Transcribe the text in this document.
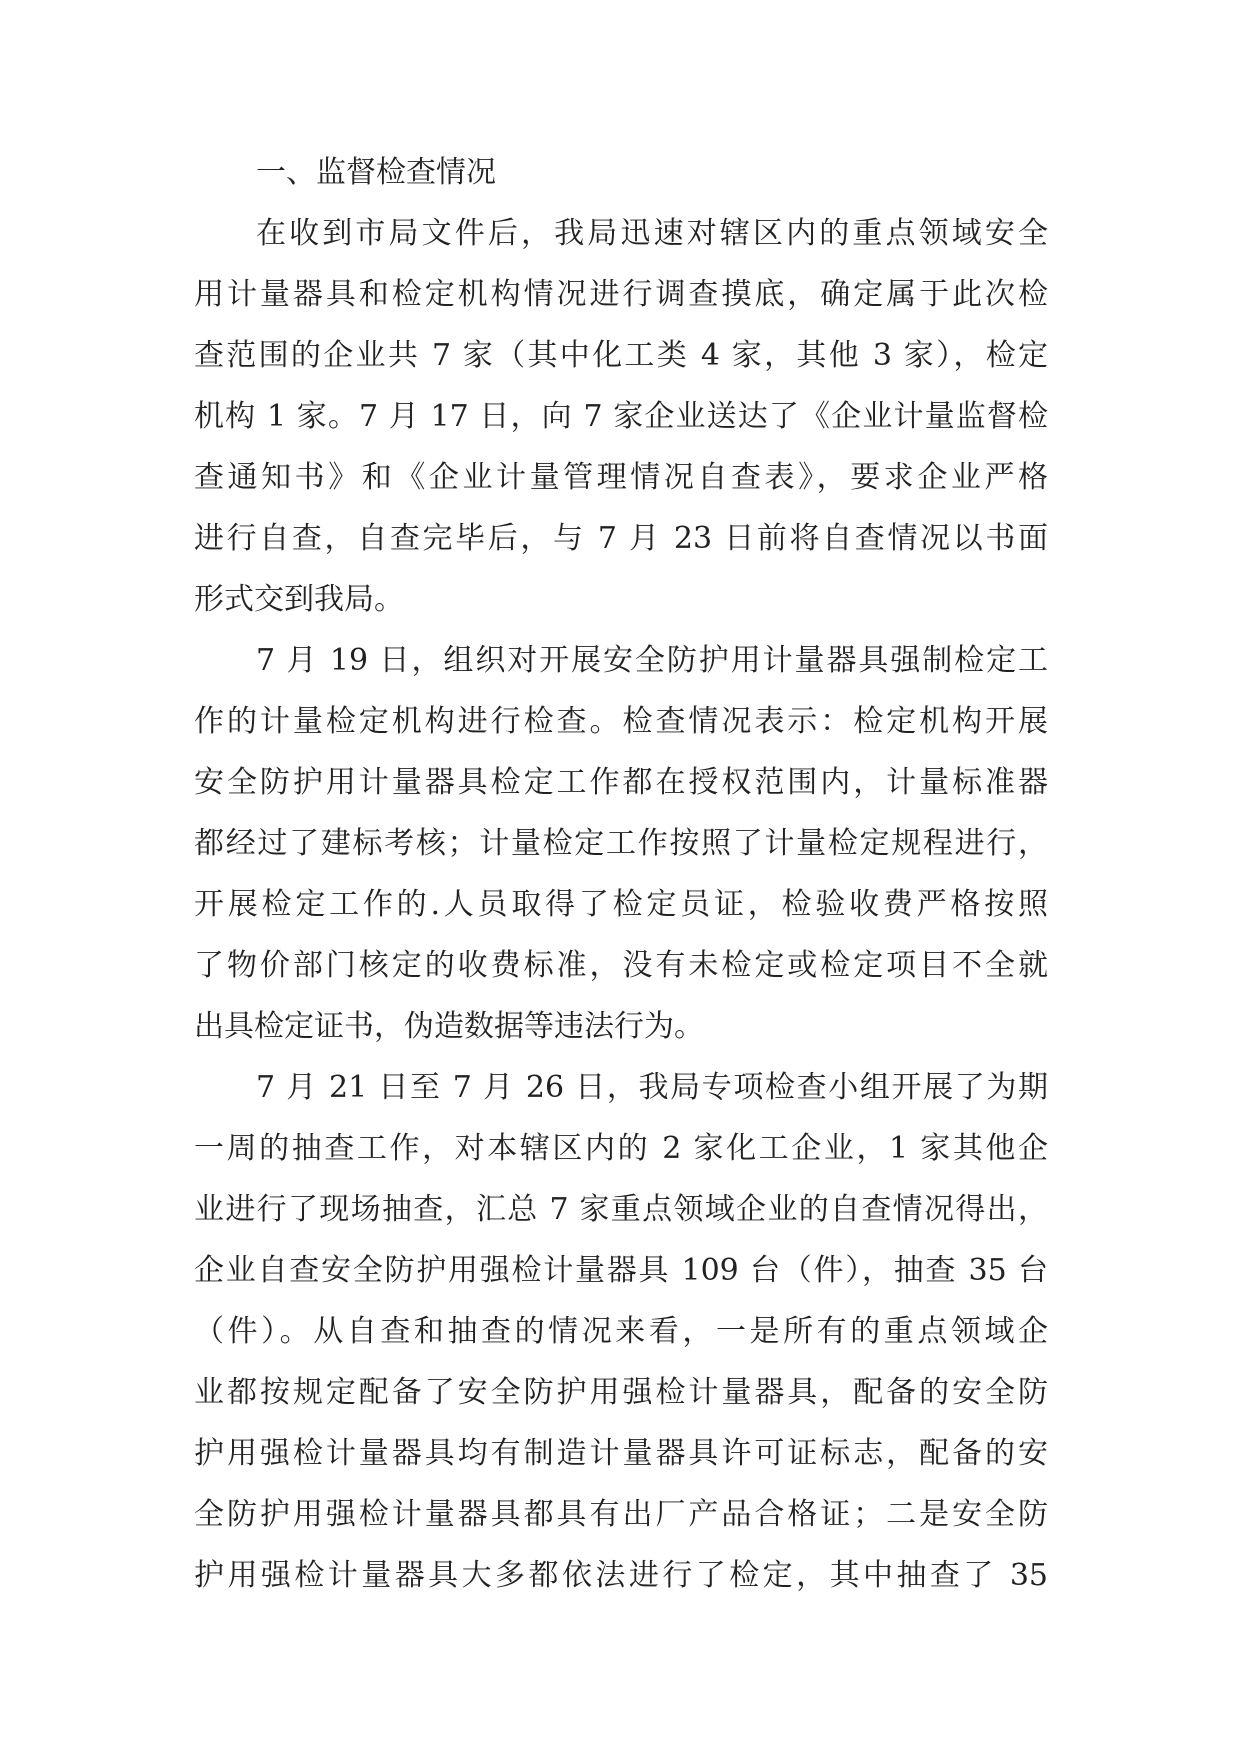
一、监督检查情况
在收到市局文件后，我局迅速对辖区内的重点领域安全
用计量器具和检定机构情况进行调查摸底，确定属于此次检
查范围的企业共 7 家（其中化工类 4 家，其他 3 家），检定
机构 1 家。7 月 17 日，向 7 家企业送达了《企业计量监督检
查通知书》和《企业计量管理情况自查表》，要求企业严格
进行自查，自查完毕后，与 7 月 23 日前将自查情况以书面
形式交到我局。
7 月 19 日，组织对开展安全防护用计量器具强制检定工
作的计量检定机构进行检查。检查情况表示：检定机构开展
安全防护用计量器具检定工作都在授权范围内，计量标准器
都经过了建标考核；计量检定工作按照了计量检定规程进行，
开展检定工作的.人员取得了检定员证，检验收费严格按照
了物价部门核定的收费标准，没有未检定或检定项目不全就
出具检定证书，伪造数据等违法行为。
7 月 21 日至 7 月 26 日，我局专项检查小组开展了为期
一周的抽查工作，对本辖区内的 2 家化工企业，1 家其他企
业进行了现场抽查，汇总 7 家重点领域企业的自查情况得出，
企业自查安全防护用强检计量器具 109 台（件），抽查 35 台
（件）。从自查和抽查的情况来看，一是所有的重点领域企
业都按规定配备了安全防护用强检计量器具，配备的安全防
护用强检计量器具均有制造计量器具许可证标志，配备的安
全防护用强检计量器具都具有出厂产品合格证；二是安全防
护用强检计量器具大多都依法进行了检定，其中抽查了 35
